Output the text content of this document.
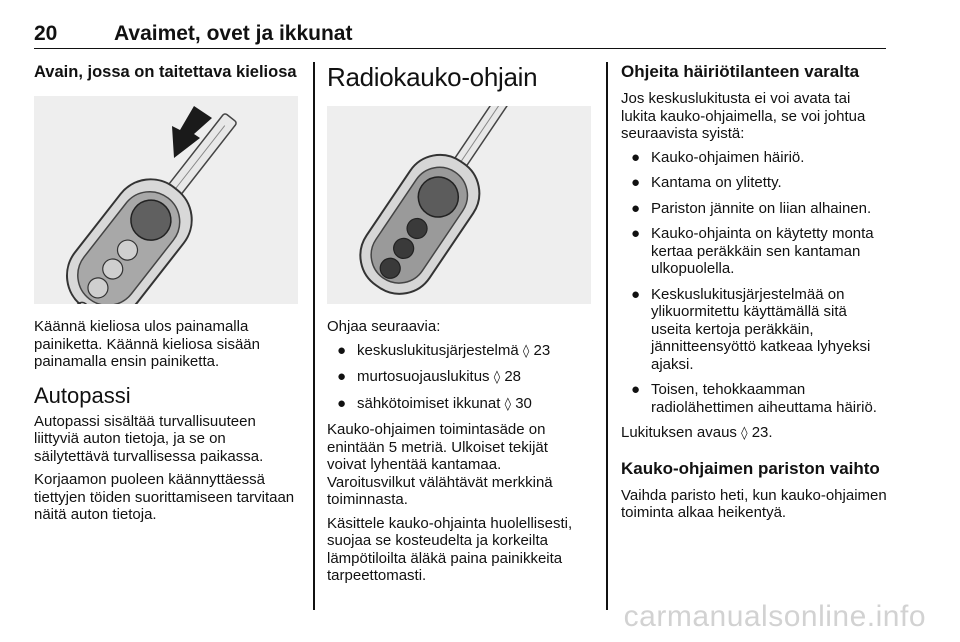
20	Avaimet, ovet ja ikkunat
Avain, jossa on taitettava kieliosa

Käännä kieliosa ulos painamalla painiketta. Käännä kieliosa sisään painamalla ensin painiketta.

Autopassi

Autopassi sisältää turvallisuuteen liittyviä auton tietoja, ja se on säilytettävä turvallisessa paikassa.

Korjaamon puoleen käännyttäessä tiettyjen töiden suorittamiseen tarvitaan näitä auton tietoja.

Radiokauko-ohjain

Ohjaa seuraavia:

● keskuslukitusjärjestelmä ◊ 23
● murtosuojauslukitus ◊ 28
● sähkötoimiset ikkunat ◊ 30

Kauko-ohjaimen toimintasäde on enintään 5 metriä. Ulkoiset tekijät voivat lyhentää kantamaa. Varoitusvilkut välähtävät merkkinä toiminnasta.

Käsittele kauko-ohjainta huolellisesti, suojaa se kosteudelta ja korkeilta lämpötiloilta äläkä paina painikkeita tarpeettomasti.

Ohjeita häiriötilanteen varalta

Jos keskuslukitusta ei voi avata tai lukita kauko-ohjaimella, se voi johtua seuraavista syistä:

● Kauko-ohjaimen häiriö.
● Kantama on ylitetty.
● Pariston jännite on liian alhainen.
● Kauko-ohjainta on käytetty monta kertaa peräkkäin sen kantaman ulkopuolella.
● Keskuslukitusjärjestelmää on ylikuormitettu käyttämällä sitä useita kertoja peräkkäin, jännitteensyöttö katkeaa lyhyeksi ajaksi.
● Toisen, tehokkaamman radiolähettimen aiheuttama häiriö.

Lukituksen avaus ◊ 23.

Kauko-ohjaimen pariston vaihto

Vaihda paristo heti, kun kauko-ohjaimen toiminta alkaa heikentyä.

carmanualsonline.info
